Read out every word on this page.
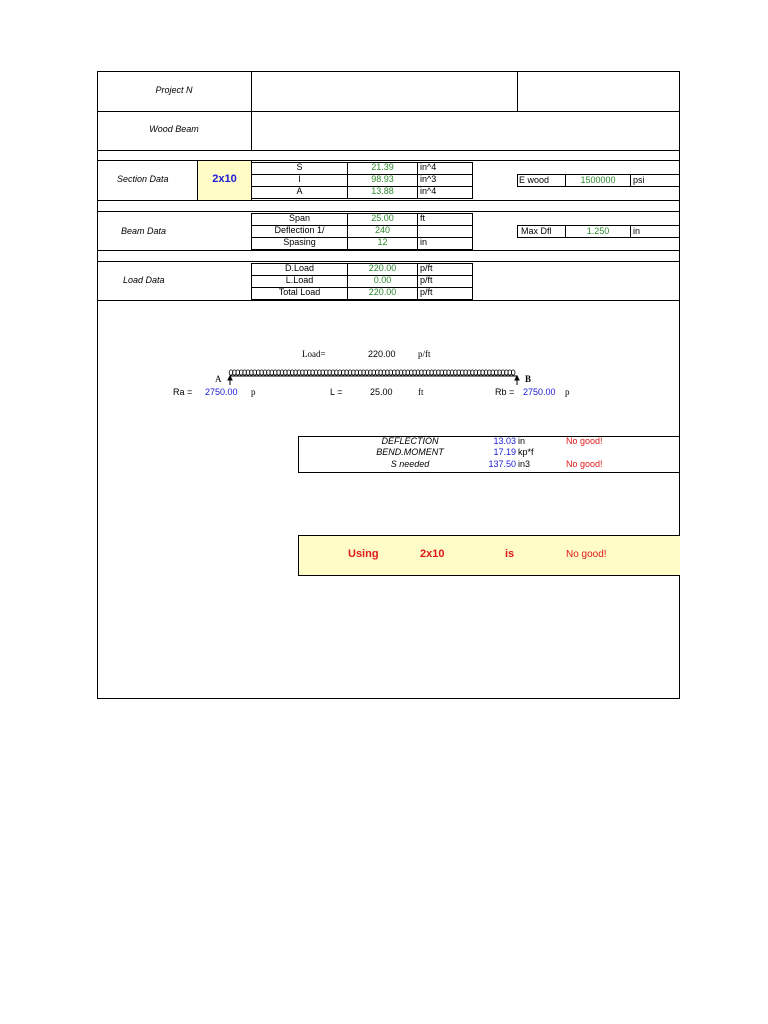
Project N
Wood Beam
Section Data	2x10
S	21.39	in^4
I	98.93	in^3
A	13.88	in^4
E wood	1500000	psi
Beam Data
Span	25.00	ft
Deflection 1/	240
Spasing	12	in
Max Dfl	1.250	in
Load Data
D.Load	220.00	p/ft
L.Load	0.00	p/ft
Total Load	220.00	p/ft
Load=	220.00 p/ft
A	B
Ra = 2750.00 p	L =	25.00	ft	Rb = 2750.00 p
DEFLECTION	13.03 in	No good!
BEND.MOMENT	17.19 kp*f
S needed	137.50 in3	No good!
Using	2x10	is	No good!
